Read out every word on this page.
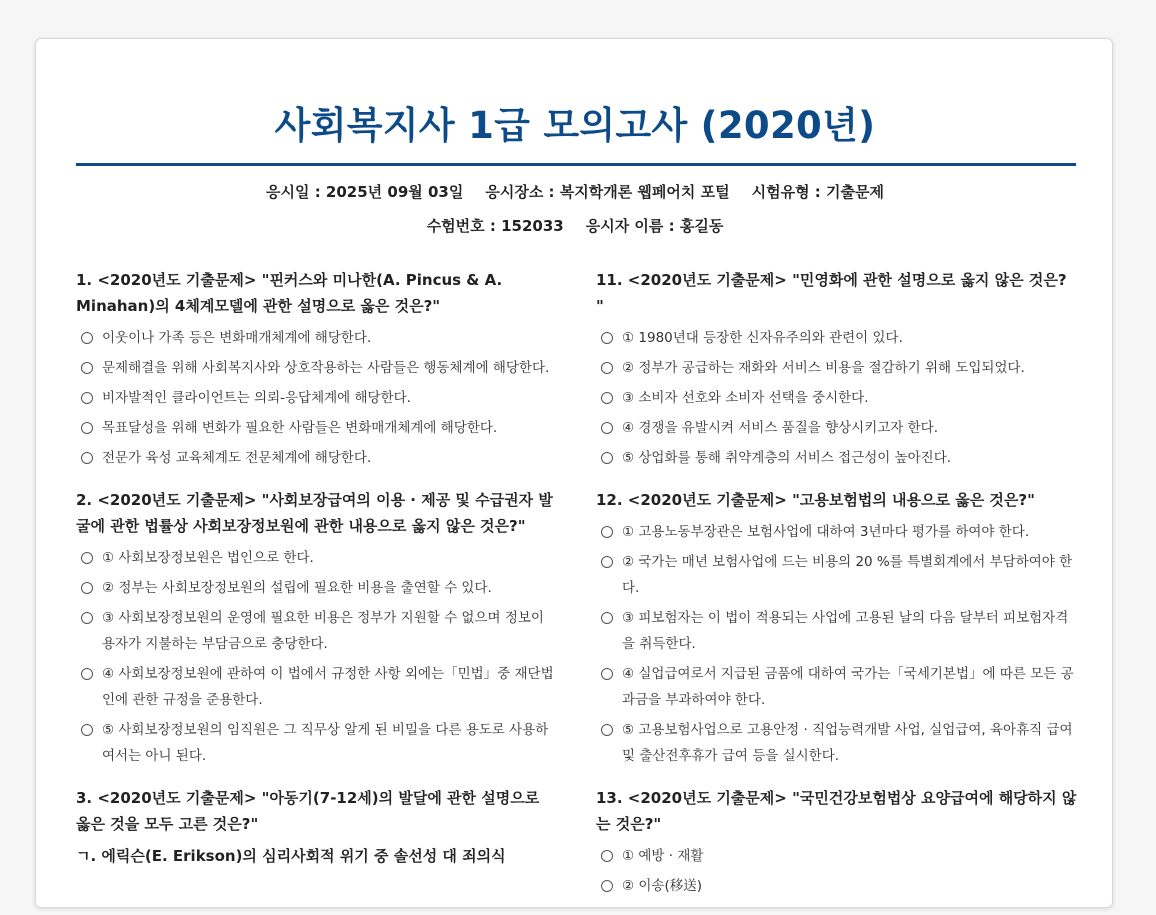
사회복지사 1급 모의고사 (2020년)
응시일 : 2025년 09월 03일 응시장소 : 복지학개론 웹페어치 포털 시험유형 : 기출문제
수험번호 : 152033 응시자 이름 : 홍길동
1. <2020년도 기출문제> "핀커스와 미나한(A. Pincus & A. Minahan)의 4체계모델에 관한 설명으로 옳은 것은?"
이웃이나 가족 등은 변화매개체계에 해당한다.
문제해결을 위해 사회복지사와 상호작용하는 사람들은 행동체계에 해당한다.
비자발적인 클라이언트는 의뢰-응답체계에 해당한다.
목표달성을 위해 변화가 필요한 사람들은 변화매개체계에 해당한다.
전문가 육성 교육체계도 전문체계에 해당한다.
2. <2020년도 기출문제> "사회보장급여의 이용 · 제공 및 수급권자 발굴에 관한 법률상 사회보장정보원에 관한 내용으로 옳지 않은 것은?"
① 사회보장정보원은 법인으로 한다.
② 정부는 사회보장정보원의 설립에 필요한 비용을 출연할 수 있다.
③ 사회보장정보원의 운영에 필요한 비용은 정부가 지원할 수 없으며 정보이용자가 지불하는 부담금으로 충당한다.
④ 사회보장정보원에 관하여 이 법에서 규정한 사항 외에는「민법」중 재단법인에 관한 규정을 준용한다.
⑤ 사회보장정보원의 임직원은 그 직무상 알게 된 비밀을 다른 용도로 사용하여서는 아니 된다.
3. <2020년도 기출문제> "아동기(7-12세)의 발달에 관한 설명으로 옳은 것을 모두 고른 것은?"
ㄱ. 에릭슨(E. Erikson)의 심리사회적 위기 중 솔선성 대 죄의식
11. <2020년도 기출문제> "민영화에 관한 설명으로 옳지 않은 것은? "
① 1980년대 등장한 신자유주의와 관련이 있다.
② 정부가 공급하는 재화와 서비스 비용을 절감하기 위해 도입되었다.
③ 소비자 선호와 소비자 선택을 중시한다.
④ 경쟁을 유발시켜 서비스 품질을 향상시키고자 한다.
⑤ 상업화를 통해 취약계층의 서비스 접근성이 높아진다.
12. <2020년도 기출문제> "고용보험법의 내용으로 옳은 것은?"
① 고용노동부장관은 보험사업에 대하여 3년마다 평가를 하여야 한다.
② 국가는 매년 보험사업에 드는 비용의 20 %를 특별회계에서 부담하여야 한다.
③ 피보험자는 이 법이 적용되는 사업에 고용된 날의 다음 달부터 피보험자격을 취득한다.
④ 실업급여로서 지급된 금품에 대하여 국가는「국세기본법」에 따른 모든 공과금을 부과하여야 한다.
⑤ 고용보험사업으로 고용안정 · 직업능력개발 사업, 실업급여, 육아휴직 급여 및 출산전후휴가 급여 등을 실시한다.
13. <2020년도 기출문제> "국민건강보험법상 요양급여에 해당하지 않는 것은?"
① 예방 · 재활
② 이송(移送)
